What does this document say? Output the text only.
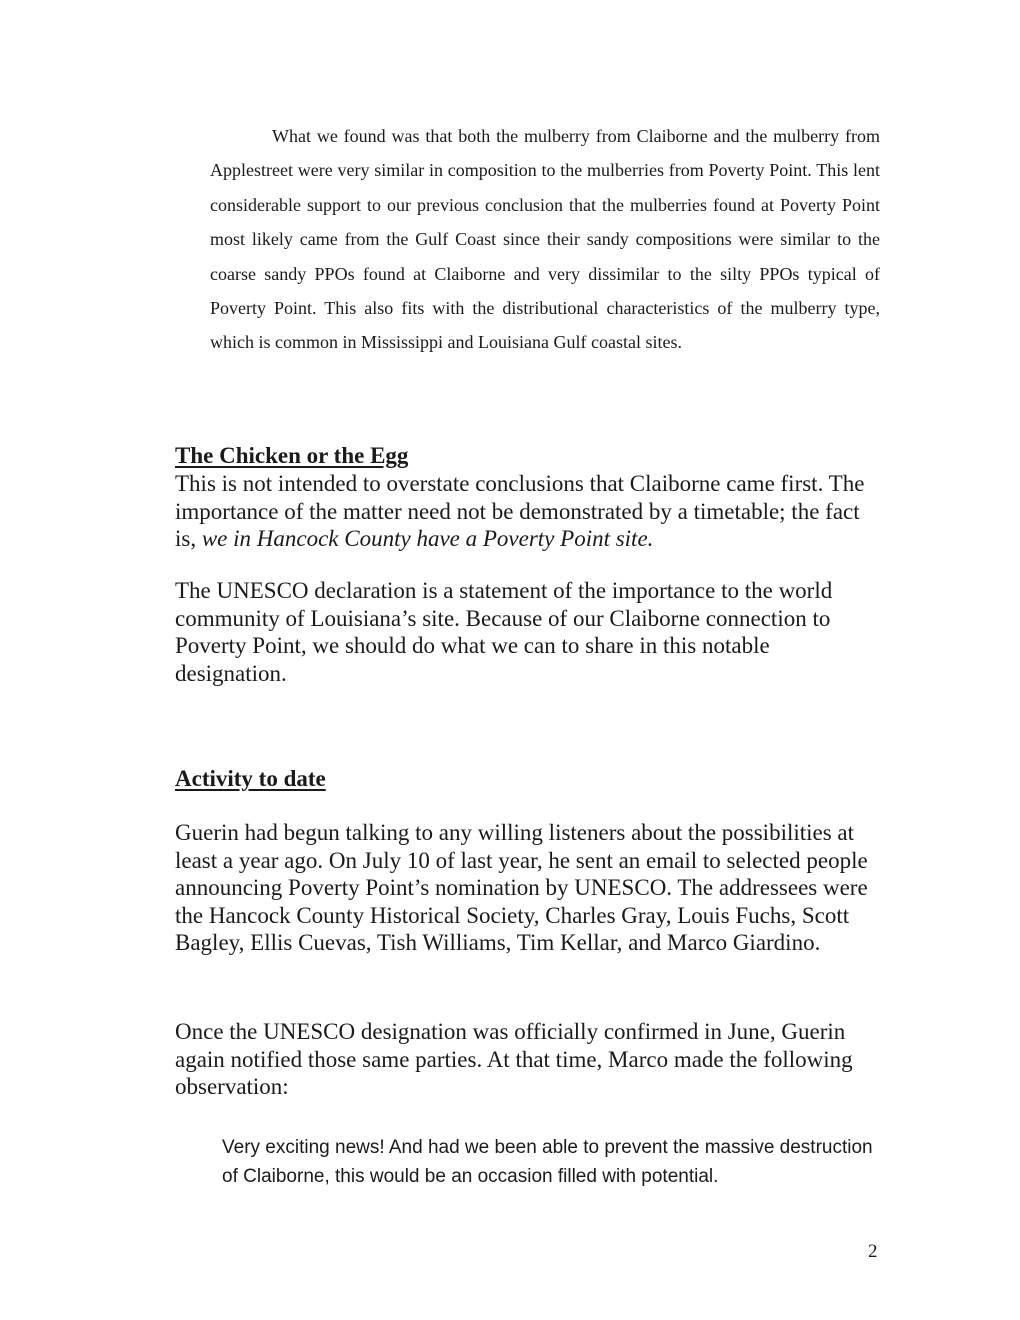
What we found was that both the mulberry from Claiborne and the mulberry from Applestreet were very similar in composition to the mulberries from Poverty Point. This lent considerable support to our previous conclusion that the mulberries found at Poverty Point most likely came from the Gulf Coast since their sandy compositions were similar to the coarse sandy PPOs found at Claiborne and very dissimilar to the silty PPOs typical of Poverty Point. This also fits with the distributional characteristics of the mulberry type, which is common in Mississippi and Louisiana Gulf coastal sites.

The Chicken or the Egg

This is not intended to overstate conclusions that Claiborne came first. The importance of the matter need not be demonstrated by a timetable; the fact is, we in Hancock County have a Poverty Point site.

The UNESCO declaration is a statement of the importance to the world community of Louisiana’s site. Because of our Claiborne connection to Poverty Point, we should do what we can to share in this notable designation.

Activity to date

Guerin had begun talking to any willing listeners about the possibilities at least a year ago. On July 10 of last year, he sent an email to selected people announcing Poverty Point’s nomination by UNESCO. The addressees were the Hancock County Historical Society, Charles Gray, Louis Fuchs, Scott Bagley, Ellis Cuevas, Tish Williams, Tim Kellar, and Marco Giardino.

Once the UNESCO designation was officially confirmed in June, Guerin again notified those same parties. At that time, Marco made the following observation:

Very exciting news! And had we been able to prevent the massive destruction of Claiborne, this would be an occasion filled with potential.

2
